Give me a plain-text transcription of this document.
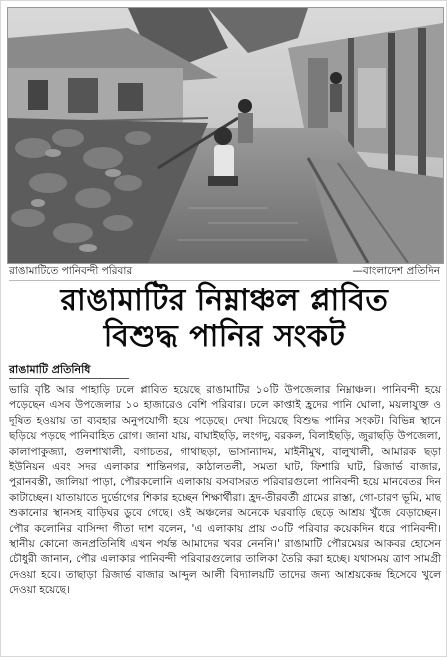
রাঙামাটিতে পানিবন্দী পরিবার	—বাংলাদেশ প্রতিদিন
রাঙামাটির নিম্নাঞ্চল প্লাবিত
বিশুদ্ধ পানির সংকট
রাঙামাটি প্রতিনিধি
ভারি বৃষ্টি আর পাহাড়ি ঢলে প্লাবিত হয়েছে রাঙামাটির ১০টি উপজেলার নিম্নাঞ্চল। পানিবন্দী হয়ে পড়েছেন এসব উপজেলার ১০ হাজারেও বেশি পরিবার। ঢলে কাপ্তাই হ্রদের পানি ঘোলা, ময়লাযুক্ত ও দূষিত হওয়ায় তা ব্যবহার অনুপযোগী হয়ে পড়েছে। দেখা দিয়েছে বিশুদ্ধ পানির সংকট। বিভিন্ন স্থানে ছড়িয়ে পড়ছে পানিবাহিত রোগ। জানা যায়, বাঘাইছড়ি, লংগদু, বরকল, বিলাইছড়ি, জুরাছড়ি উপজেলা, কালাপাকুজ্যা, গুলশাখালী, বগাচতর, গাথাছড়া, ভাসান্যাদম, মাইনীমুখ, বালুখালী, আমারক ছড়া ইউনিয়ন এবং সদর এলাকার শান্তিনগর, কাঠালতলী, সমতা ঘাট, ফিশারি ঘাট, রিজার্ভ বাজার, পুরানবস্তী, জালিয়া পাড়া, পৌরকলোনি এলাকায় বসবাসরত পরিবারগুলো পানিবন্দী হয়ে মানবেতর দিন কাটাচ্ছেন। যাতায়াতে দুর্ভোগের শিকার হচ্ছেন শিক্ষার্থীরা। হ্রদ-তীরবর্তী গ্রামের রাস্তা, গো-চারণ ভূমি, মাছ শুকানোর স্থানসহ বাড়িঘর ডুবে গেছে। ওই অঞ্চলের অনেকে ঘরবাড়ি ছেড়ে আশ্রয় খুঁজে বেড়াচ্ছেন। পৌর কলোনির বাসিন্দা গীতা দাশ বলেন, 'এ এলাকায় প্রায় ৩০টি পরিবার কয়েকদিন ধরে পানিবন্দী। স্থানীয় কোনো জনপ্রতিনিধি এখন পর্যন্ত আমাদের খবর নেননি।' রাঙামাটি পৌরমেয়র আকবর হোসেন চৌধুরী জানান, পৌর এলাকার পানিবন্দী পরিবারগুলোর তালিকা তৈরি করা হচ্ছে। যথাসময় ত্রাণ সামগ্রী দেওয়া হবে। তাছাড়া রিজার্ভ বাজার আব্দুল আলী বিদ্যালয়টি তাদের জন্য আশ্রয়কেন্দ্র হিসেবে খুলে দেওয়া হয়েছে।
